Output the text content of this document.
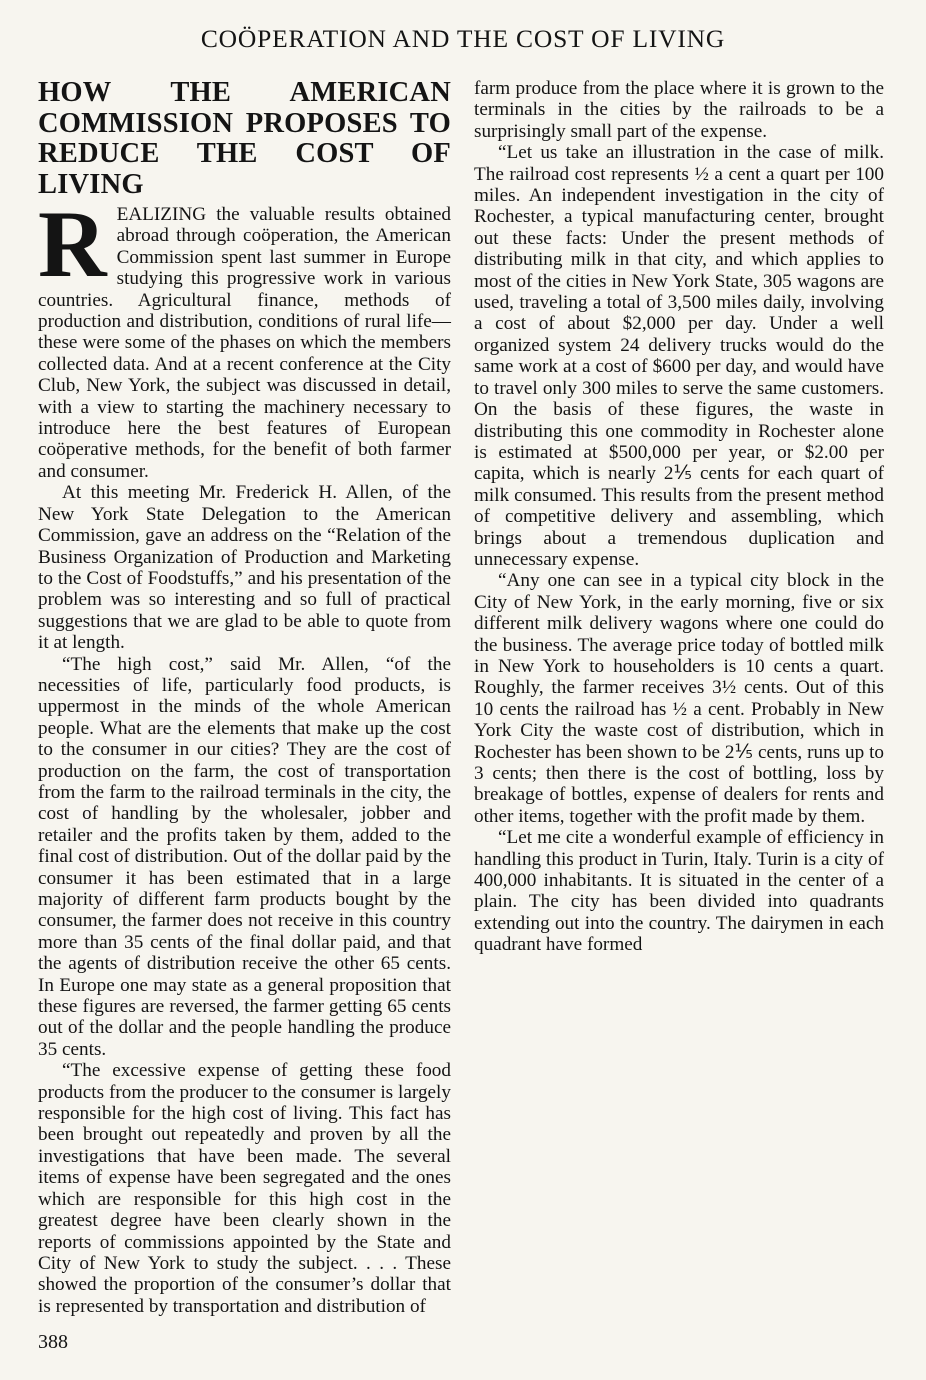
COÖPERATION AND THE COST OF LIVING
HOW THE AMERICAN COMMISSION PROPOSES TO REDUCE THE COST OF LIVING

REALIZING the valuable results obtained abroad through coöperation, the American Commission spent last summer in Europe studying this progressive work in various countries. Agricultural finance, methods of production and distribution, conditions of rural life—these were some of the phases on which the members collected data. And at a recent conference at the City Club, New York, the subject was discussed in detail, with a view to starting the machinery necessary to introduce here the best features of European coöperative methods, for the benefit of both farmer and consumer.

At this meeting Mr. Frederick H. Allen, of the New York State Delegation to the American Commission, gave an address on the “Relation of the Business Organization of Production and Marketing to the Cost of Foodstuffs,” and his presentation of the problem was so interesting and so full of practical suggestions that we are glad to be able to quote from it at length.

“The high cost,” said Mr. Allen, “of the necessities of life, particularly food products, is uppermost in the minds of the whole American people. What are the elements that make up the cost to the consumer in our cities? They are the cost of production on the farm, the cost of transportation from the farm to the railroad terminals in the city, the cost of handling by the wholesaler, jobber and retailer and the profits taken by them, added to the final cost of distribution. Out of the dollar paid by the consumer it has been estimated that in a large majority of different farm products bought by the consumer, the farmer does not receive in this country more than 35 cents of the final dollar paid, and that the agents of distribution receive the other 65 cents. In Europe one may state as a general proposition that these figures are reversed, the farmer getting 65 cents out of the dollar and the people handling the produce 35 cents.

“The excessive expense of getting these food products from the producer to the consumer is largely responsible for the high cost of living. This fact has been brought out repeatedly and proven by all the investigations that have been made. The several items of expense have been segregated and the ones which are responsible for this high cost in the greatest degree have been clearly shown in the reports of commissions appointed by the State and City of New York to study the subject. . . . These showed the proportion of the consumer’s dollar that is represented by transportation and distribution of

farm produce from the place where it is grown to the terminals in the cities by the railroads to be a surprisingly small part of the expense.

“Let us take an illustration in the case of milk. The railroad cost represents ½ a cent a quart per 100 miles. An independent investigation in the city of Rochester, a typical manufacturing center, brought out these facts: Under the present methods of distributing milk in that city, and which applies to most of the cities in New York State, 305 wagons are used, traveling a total of 3,500 miles daily, involving a cost of about $2,000 per day. Under a well organized system 24 delivery trucks would do the same work at a cost of $600 per day, and would have to travel only 300 miles to serve the same customers. On the basis of these figures, the waste in distributing this one commodity in Rochester alone is estimated at $500,000 per year, or $2.00 per capita, which is nearly 2⅕ cents for each quart of milk consumed. This results from the present method of competitive delivery and assembling, which brings about a tremendous duplication and unnecessary expense.

“Any one can see in a typical city block in the City of New York, in the early morning, five or six different milk delivery wagons where one could do the business. The average price today of bottled milk in New York to householders is 10 cents a quart. Roughly, the farmer receives 3½ cents. Out of this 10 cents the railroad has ½ a cent. Probably in New York City the waste cost of distribution, which in Rochester has been shown to be 2⅕ cents, runs up to 3 cents; then there is the cost of bottling, loss by breakage of bottles, expense of dealers for rents and other items, together with the profit made by them.

“Let me cite a wonderful example of efficiency in handling this product in Turin, Italy. Turin is a city of 400,000 inhabitants. It is situated in the center of a plain. The city has been divided into quadrants extending out into the country. The dairymen in each quadrant have formed

388
